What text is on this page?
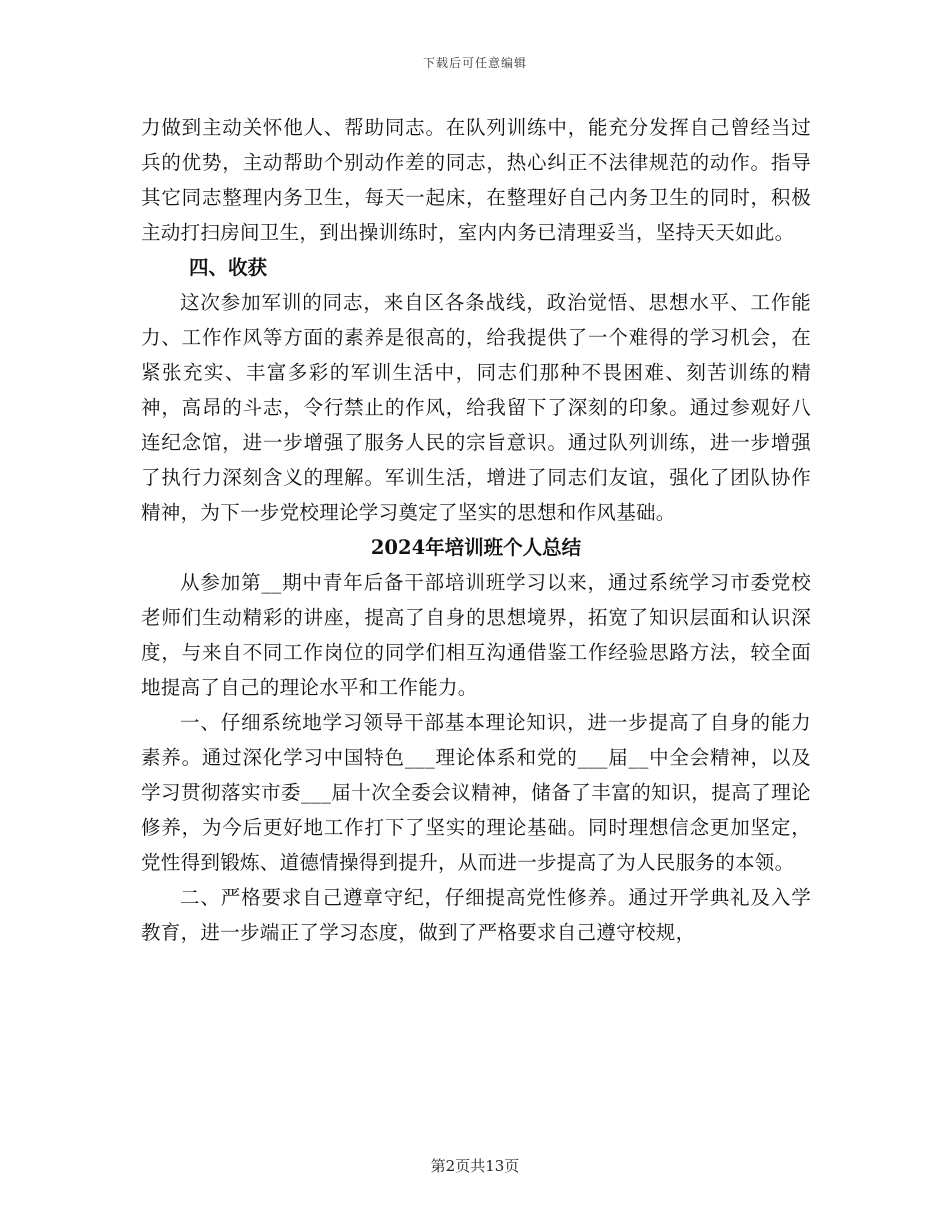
下载后可任意编辑

力做到主动关怀他人、帮助同志。在队列训练中，能充分发挥自己曾经当过兵的优势，主动帮助个别动作差的同志，热心纠正不法律规范的动作。指导其它同志整理内务卫生，每天一起床，在整理好自己内务卫生的同时，积极主动打扫房间卫生，到出操训练时，室内内务已清理妥当，坚持天天如此。

四、收获

这次参加军训的同志，来自区各条战线，政治觉悟、思想水平、工作能力、工作作风等方面的素养是很高的，给我提供了一个难得的学习机会，在紧张充实、丰富多彩的军训生活中，同志们那种不畏困难、刻苦训练的精神，高昂的斗志，令行禁止的作风，给我留下了深刻的印象。通过参观好八连纪念馆，进一步增强了服务人民的宗旨意识。通过队列训练，进一步增强了执行力深刻含义的理解。军训生活，增进了同志们友谊，强化了团队协作精神，为下一步党校理论学习奠定了坚实的思想和作风基础。

2024年培训班个人总结

从参加第__期中青年后备干部培训班学习以来，通过系统学习市委党校老师们生动精彩的讲座，提高了自身的思想境界，拓宽了知识层面和认识深度，与来自不同工作岗位的同学们相互沟通借鉴工作经验思路方法，较全面地提高了自己的理论水平和工作能力。

一、仔细系统地学习领导干部基本理论知识，进一步提高了自身的能力素养。通过深化学习中国特色___理论体系和党的___届__中全会精神，以及学习贯彻落实市委___届十次全委会议精神，储备了丰富的知识，提高了理论修养，为今后更好地工作打下了坚实的理论基础。同时理想信念更加坚定，党性得到锻炼、道德情操得到提升，从而进一步提高了为人民服务的本领。

二、严格要求自己遵章守纪，仔细提高党性修养。通过开学典礼及入学教育，进一步端正了学习态度，做到了严格要求自己遵守校规，

第2页共13页
